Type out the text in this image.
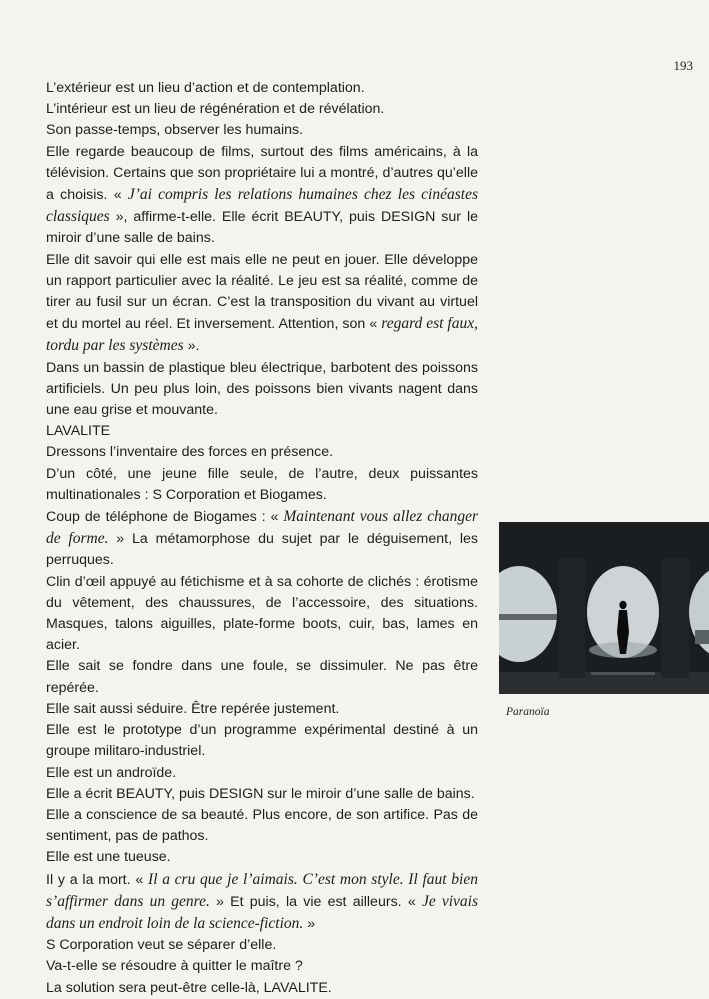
193

L’extérieur est un lieu d’action et de contemplation.

L’intérieur est un lieu de régénération et de révélation.

Son passe-temps, observer les humains.

Elle regarde beaucoup de films, surtout des films américains, à la télévision. Certains que son propriétaire lui a montré, d’autres qu’elle a choisis. « J’ai compris les relations humaines chez les cinéastes classiques », affirme-t-elle. Elle écrit BEAUTY, puis DESIGN sur le miroir d’une salle de bains.

Elle dit savoir qui elle est mais elle ne peut en jouer. Elle développe un rapport particulier avec la réalité. Le jeu est sa réalité, comme de tirer au fusil sur un écran. C’est la transposition du vivant au virtuel et du mortel au réel. Et inversement. Attention, son « regard est faux, tordu par les systèmes ».

Dans un bassin de plastique bleu électrique, barbotent des poissons artificiels. Un peu plus loin, des poissons bien vivants nagent dans une eau grise et mouvante.

LAVALITE

Dressons l’inventaire des forces en présence.

D’un côté, une jeune fille seule, de l’autre, deux puissantes multinationales : S Corporation et Biogames.

Coup de téléphone de Biogames : « Maintenant vous allez changer de forme. » La métamorphose du sujet par le déguisement, les perruques.

Clin d’œil appuyé au fétichisme et à sa cohorte de clichés : érotisme du vêtement, des chaussures, de l’accessoire, des situations. Masques, talons aiguilles, plate-forme boots, cuir, bas, lames en acier.

Elle sait se fondre dans une foule, se dissimuler. Ne pas être repérée.

Elle sait aussi séduire. Être repérée justement.

Elle est le prototype d’un programme expérimental destiné à un groupe militaro-industriel.

Elle est un androïde.

Elle a écrit BEAUTY, puis DESIGN sur le miroir d’une salle de bains.

Elle a conscience de sa beauté. Plus encore, de son artifice. Pas de sentiment, pas de pathos.

Elle est une tueuse.

Il y a la mort. « Il a cru que je l’aimais. C’est mon style. Il faut bien s’affirmer dans un genre. » Et puis, la vie est ailleurs. « Je vivais dans un endroit loin de la science-fiction. »

S Corporation veut se séparer d’elle.

Va-t-elle se résoudre à quitter le maître ?

La solution sera peut-être celle-là, LAVALITE.

Paranoïa
